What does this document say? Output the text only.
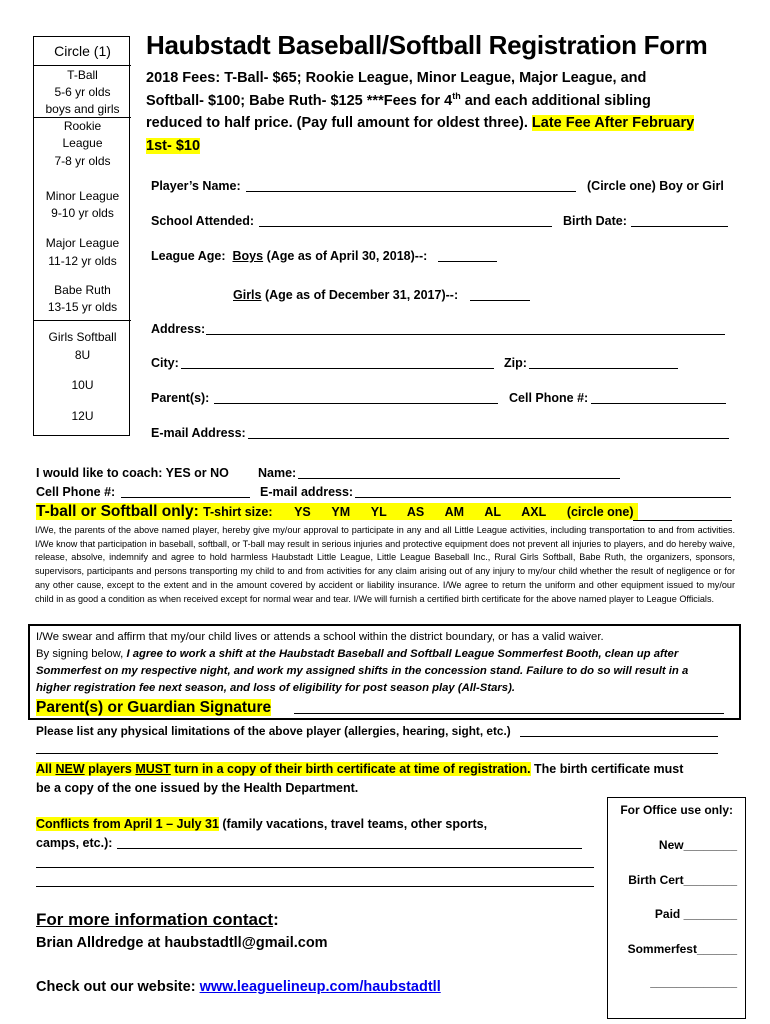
Circle (1)
T-Ball
5-6 yr olds
boys and girls
Rookie
League
7-8 yr olds
Minor League
9-10 yr olds
Major League
11-12 yr olds
Babe Ruth
13-15 yr olds
Girls Softball
8U
10U
12U
Haubstadt Baseball/Softball Registration Form
2018 Fees: T-Ball- $65; Rookie League, Minor League, Major League, and
Softball- $100; Babe Ruth- $125 ***Fees for 4th and each additional sibling
reduced to half price. (Pay full amount for oldest three). Late Fee After February
1st- $10
Player’s Name:	(Circle one) Boy or Girl
School Attended:	Birth Date:
League Age: Boys (Age as of April 30, 2018)--:
Girls (Age as of December 31, 2017)--:
Address:
City:	Zip:
Parent(s):	Cell Phone #:
E-mail Address:
I would like to coach: YES or NO Name:
Cell Phone #:	E-mail address:
T-ball or Softball only: T-shirt size: YS      YM      YL      AS      AM      AL      AXL      (circle one)
I/We, the parents of the above named player, hereby give my/our approval to participate in any and all Little League activities, including transportation to and from activities. I/We know that participation in baseball, softball, or T-ball may result in serious injuries and protective equipment does not prevent all injuries to players, and do hereby waive, release, absolve, indemnify and agree to hold harmless Haubstadt Little League, Little League Baseball Inc., Rural Girls Softball, Babe Ruth, the organizers, sponsors, supervisors, participants and persons transporting my child to and from activities for any claim arising out of any injury to my/our child whether the result of negligence or for any other cause, except to the extent and in the amount covered by accident or liability insurance. I/We agree to return the uniform and other equipment issued to my/our child in as good a condition as when received except for normal wear and tear. I/We will furnish a certified birth certificate for the above named player to League Officials.
I/We swear and affirm that my/our child lives or attends a school within the district boundary, or has a valid waiver.
By signing below, I agree to work a shift at the Haubstadt Baseball and Softball League Sommerfest Booth, clean up after
Sommerfest on my respective night, and work my assigned shifts in the concession stand. Failure to do so will result in a
higher registration fee next season, and loss of eligibility for post season play (All-Stars).
Parent(s) or Guardian Signature
Please list any physical limitations of the above player (allergies, hearing, sight, etc.)
All NEW players MUST turn in a copy of their birth certificate at time of registration. The birth certificate must
be a copy of the one issued by the Health Department.
Conflicts from April 1 – July 31 (family vacations, travel teams, other sports,
camps, etc.):
For more information contact:
Brian Alldredge at haubstadtll@gmail.com
Check out our website: www.leaguelineup.com/haubstadtll
For Office use only:
New________
Birth Cert________
Paid ________
Sommerfest______
_____________
